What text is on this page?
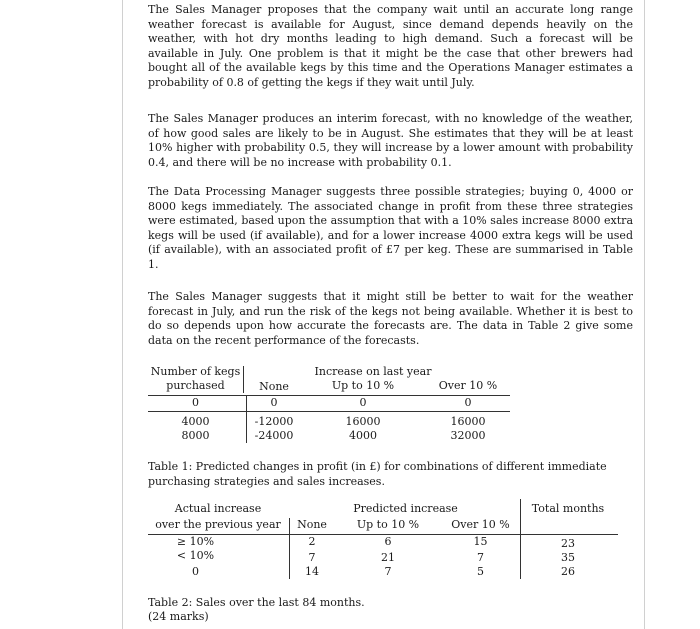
The Sales Manager proposes that the company wait until an accurate long range weather forecast is available for August, since demand depends heavily on the weather, with hot dry months leading to high demand. Such a forecast will be available in July. One problem is that it might be the case that other brewers had bought all of the available kegs by this time and the Operations Manager estimates a probability of 0.8 of getting the kegs if they wait until July.

The Sales Manager produces an interim forecast, with no knowledge of the weather, of how good sales are likely to be in August. She estimates that they will be at least 10% higher with probability 0.5, they will increase by a lower amount with probability 0.4, and there will be no increase with probability 0.1.

The Data Processing Manager suggests three possible strategies; buying 0, 4000 or 8000 kegs immediately. The associated change in profit from these three strategies were estimated, based upon the assumption that with a 10% sales increase 8000 extra kegs will be used (if available), and for a lower increase 4000 extra kegs will be used (if available), with an associated profit of £7 per keg. These are summarised in Table 1.

The Sales Manager suggests that it might still be better to wait for the weather forecast in July, and run the risk of the kegs not being available. Whether it is best to do so depends upon how accurate the forecasts are. The data in Table 2 give some data on the recent performance of the forecasts.

Number of kegs	Increase on last year
purchased	None	Up to 10 %	Over 10 %
0	0	0	0
4000	-12000	16000	16000
8000	-24000	4000	32000
Table 1: Predicted changes in profit (in £) for combinations of different immediate purchasing strategies and sales increases.
Actual increase	Predicted increase	Total months
over the previous year	None	Up to 10 %	Over 10 %
≥ 10%	2	6	15	23
< 10%	7	21	7	35
0	14	7	5	26
Table 2: Sales over the last 84 months.
(24 marks)
